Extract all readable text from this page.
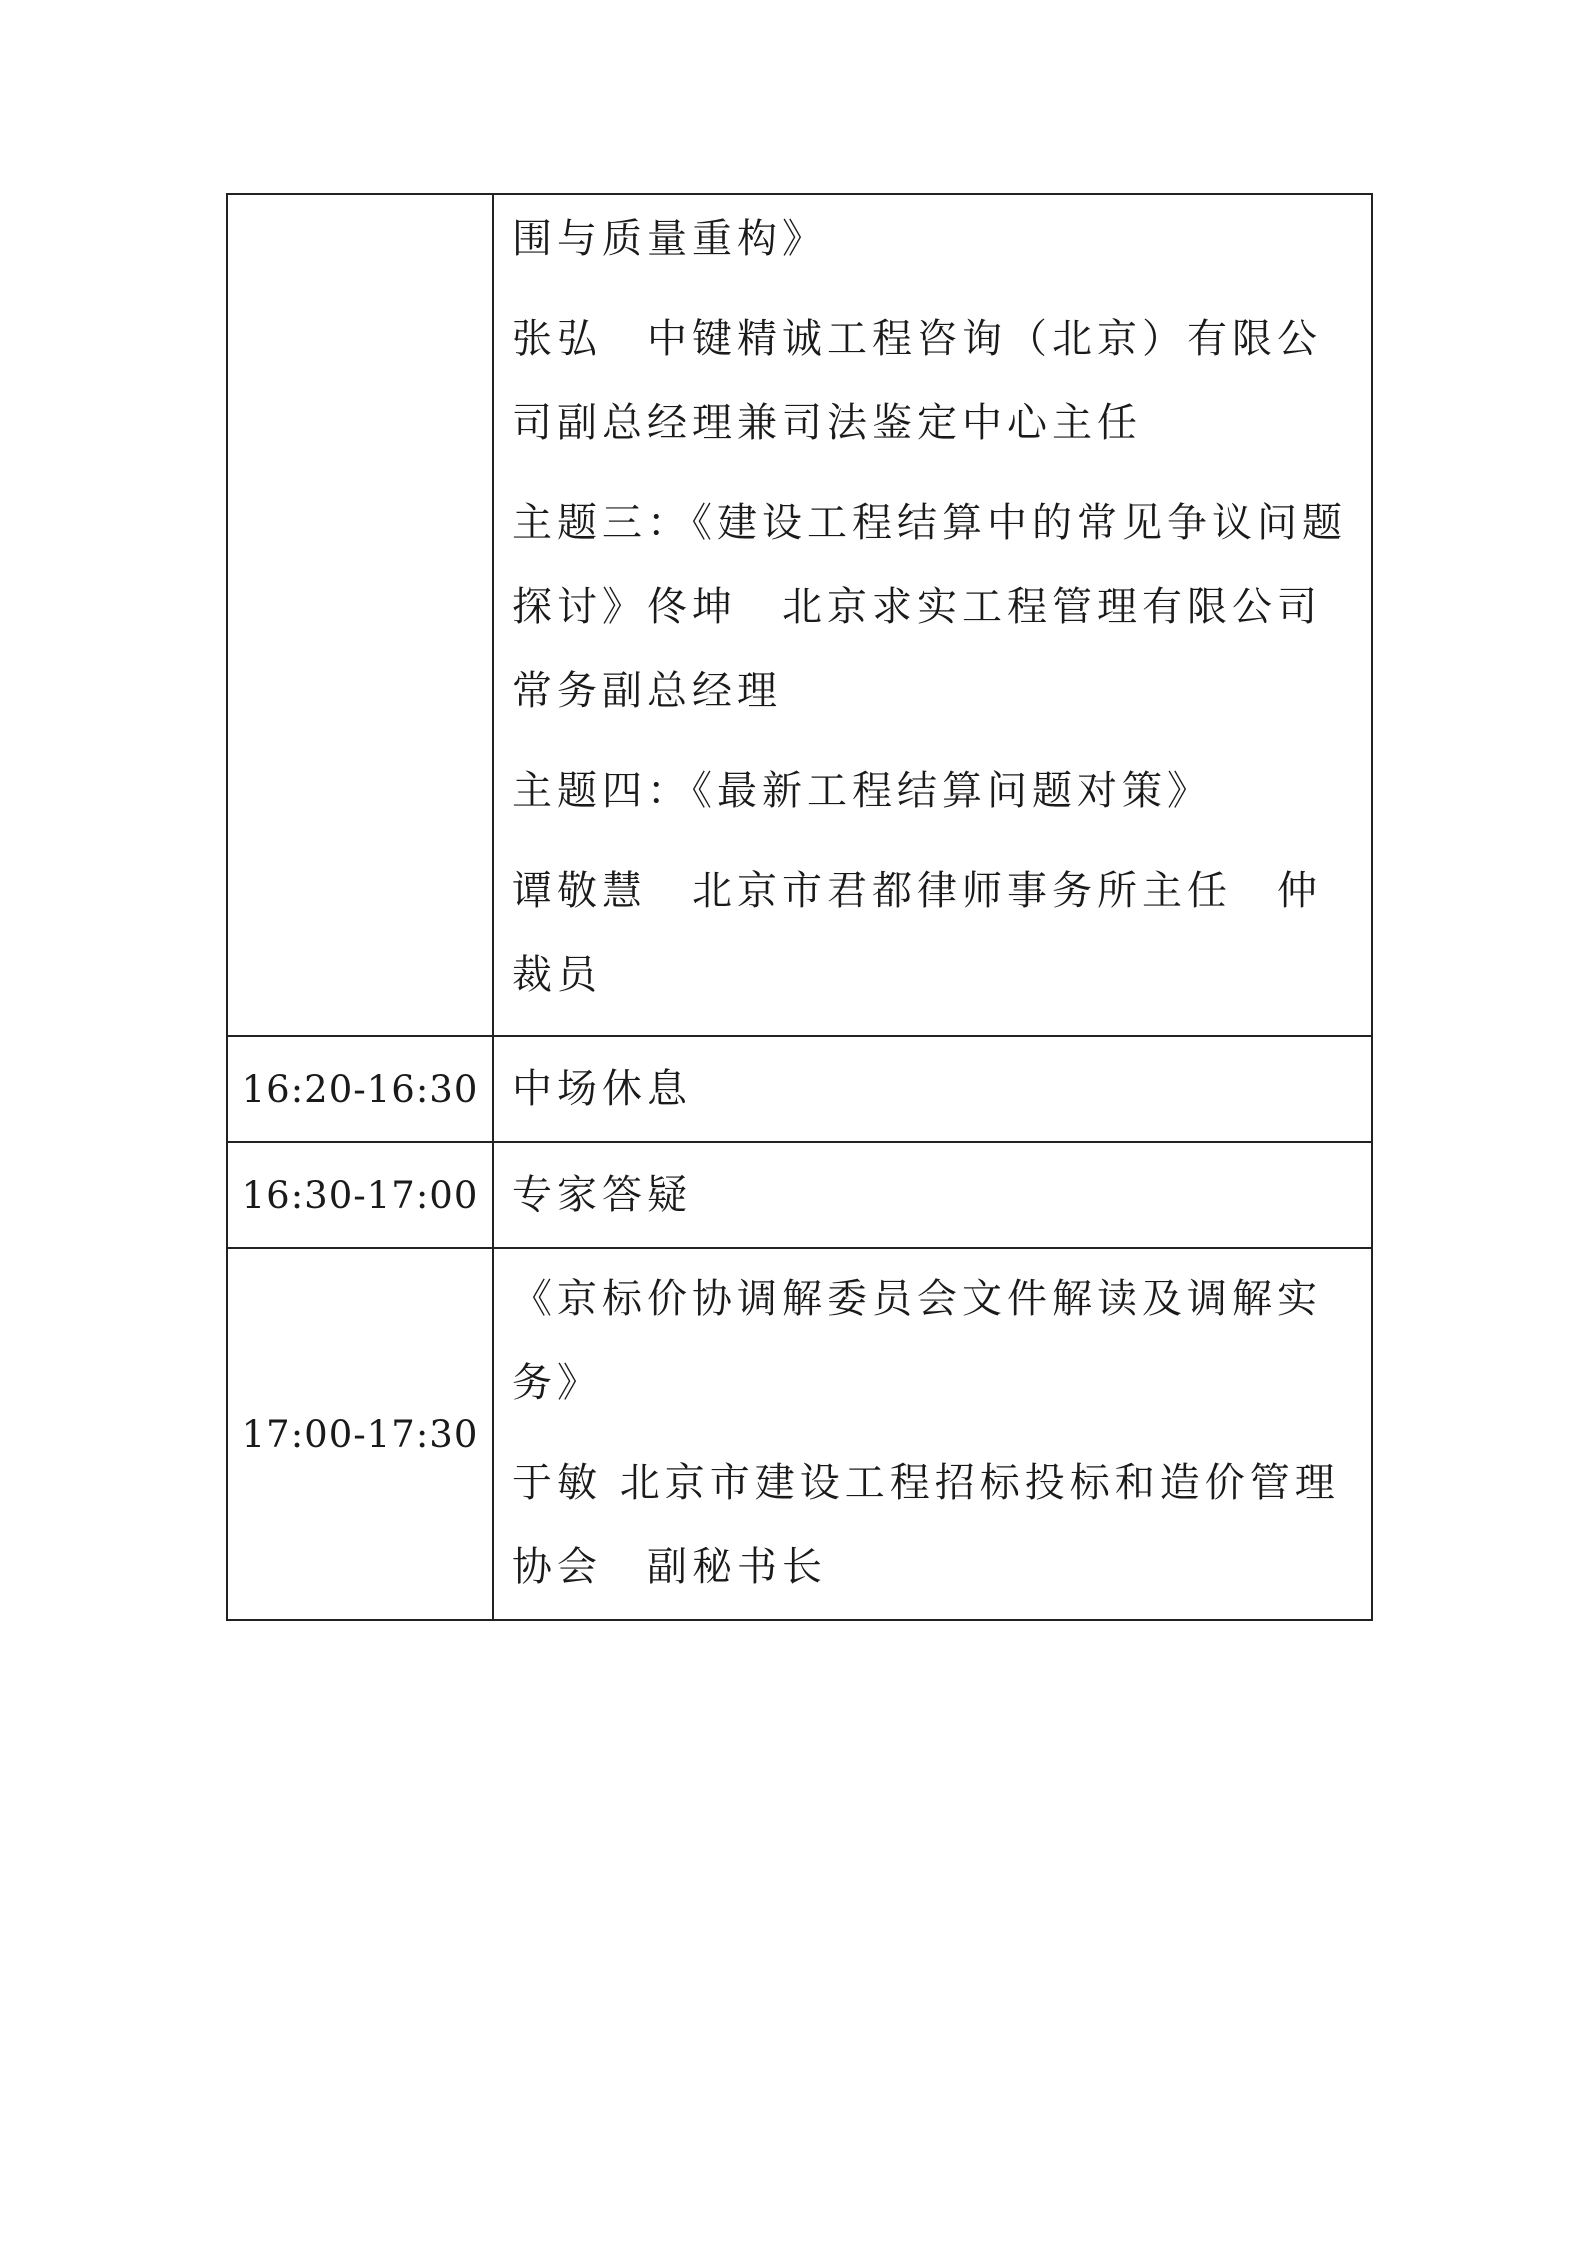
	围与质量重构》

张弘　中键精诚工程咨询（北京）有限公司副总经理兼司法鉴定中心主任

主题三：《建设工程结算中的常见争议问题探讨》佟坤　北京求实工程管理有限公司 常务副总经理

主题四：《最新工程结算问题对策》

谭敬慧　北京市君都律师事务所主任　仲裁员

16:20-16:30	中场休息

16:30-17:00	专家答疑

17:00-17:30	《京标价协调解委员会文件解读及调解实务》

于敏 北京市建设工程招标投标和造价管理协会　副秘书长
